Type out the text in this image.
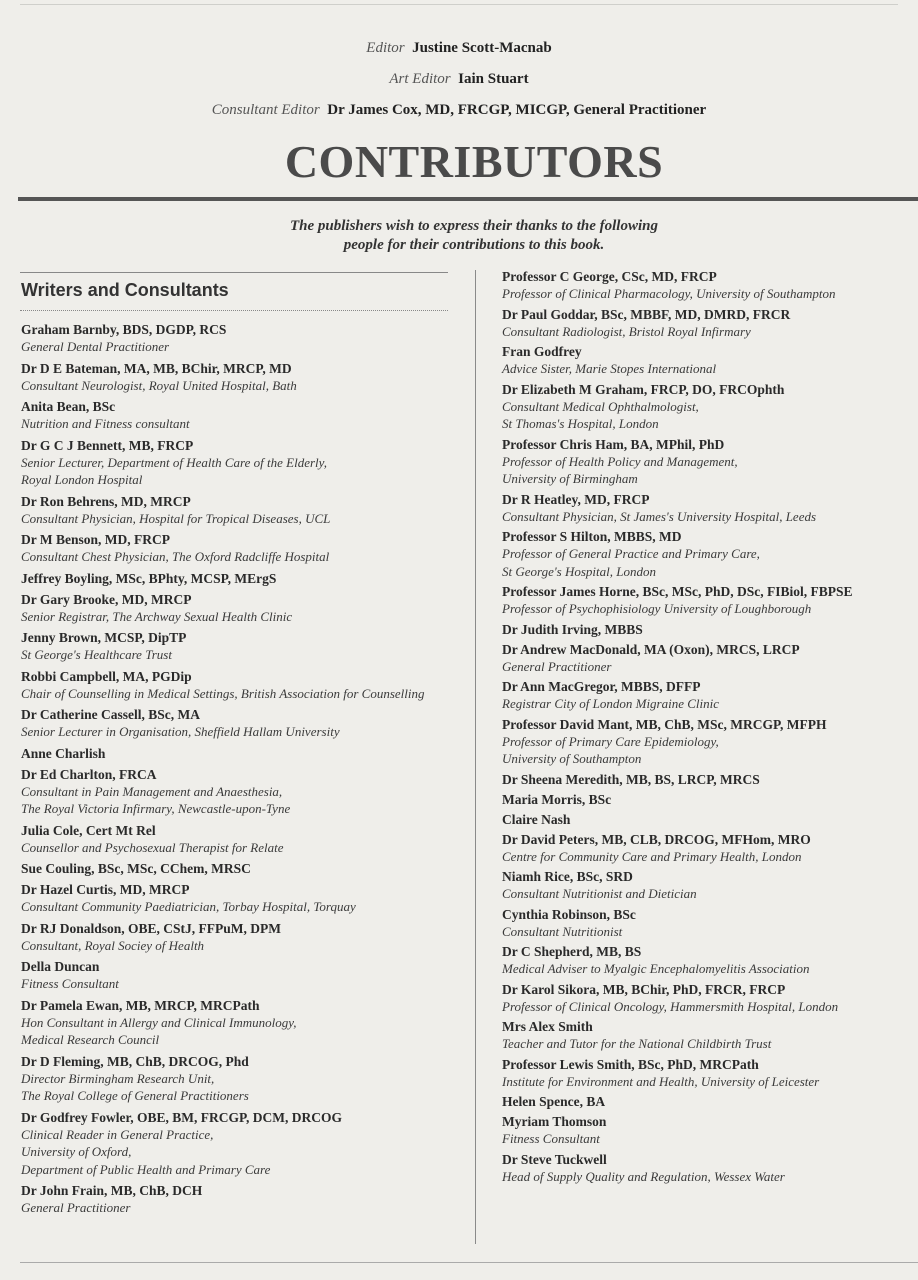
Editor Justine Scott-Macnab
Art Editor Iain Stuart
Consultant Editor Dr James Cox, MD, FRCGP, MICGP, General Practitioner
CONTRIBUTORS
The publishers wish to express their thanks to the following
people for their contributions to this book.
Writers and Consultants
Graham Barnby, BDS, DGDP, RCS
General Dental Practitioner
Dr D E Bateman, MA, MB, BChir, MRCP, MD
Consultant Neurologist, Royal United Hospital, Bath
Anita Bean, BSc
Nutrition and Fitness consultant
Dr G C J Bennett, MB, FRCP
Senior Lecturer, Department of Health Care of the Elderly,
Royal London Hospital
Dr Ron Behrens, MD, MRCP
Consultant Physician, Hospital for Tropical Diseases, UCL
Dr M Benson, MD, FRCP
Consultant Chest Physician, The Oxford Radcliffe Hospital
Jeffrey Boyling, MSc, BPhty, MCSP, MErgS
Dr Gary Brooke, MD, MRCP
Senior Registrar, The Archway Sexual Health Clinic
Jenny Brown, MCSP, DipTP
St George's Healthcare Trust
Robbi Campbell, MA, PGDip
Chair of Counselling in Medical Settings, British Association for Counselling
Dr Catherine Cassell, BSc, MA
Senior Lecturer in Organisation, Sheffield Hallam University
Anne Charlish
Dr Ed Charlton, FRCA
Consultant in Pain Management and Anaesthesia,
The Royal Victoria Infirmary, Newcastle-upon-Tyne
Julia Cole, Cert Mt Rel
Counsellor and Psychosexual Therapist for Relate
Sue Couling, BSc, MSc, CChem, MRSC
Dr Hazel Curtis, MD, MRCP
Consultant Community Paediatrician, Torbay Hospital, Torquay
Dr RJ Donaldson, OBE, CStJ, FFPuM, DPM
Consultant, Royal Sociey of Health
Della Duncan
Fitness Consultant
Dr Pamela Ewan, MB, MRCP, MRCPath
Hon Consultant in Allergy and Clinical Immunology,
Medical Research Council
Dr D Fleming, MB, ChB, DRCOG, Phd
Director Birmingham Research Unit,
The Royal College of General Practitioners
Dr Godfrey Fowler, OBE, BM, FRCGP, DCM, DRCOG
Clinical Reader in General Practice,
University of Oxford,
Department of Public Health and Primary Care
Dr John Frain, MB, ChB, DCH
General Practitioner
Professor C George, CSc, MD, FRCP
Professor of Clinical Pharmacology, University of Southampton
Dr Paul Goddar, BSc, MBBF, MD, DMRD, FRCR
Consultant Radiologist, Bristol Royal Infirmary
Fran Godfrey
Advice Sister, Marie Stopes International
Dr Elizabeth M Graham, FRCP, DO, FRCOphth
Consultant Medical Ophthalmologist,
St Thomas's Hospital, London
Professor Chris Ham, BA, MPhil, PhD
Professor of Health Policy and Management,
University of Birmingham
Dr R Heatley, MD, FRCP
Consultant Physician, St James's University Hospital, Leeds
Professor S Hilton, MBBS, MD
Professor of General Practice and Primary Care,
St George's Hospital, London
Professor James Horne, BSc, MSc, PhD, DSc, FIBiol, FBPSE
Professor of Psychophisiology University of Loughborough
Dr Judith Irving, MBBS
Dr Andrew MacDonald, MA (Oxon), MRCS, LRCP
General Practitioner
Dr Ann MacGregor, MBBS, DFFP
Registrar City of London Migraine Clinic
Professor David Mant, MB, ChB, MSc, MRCGP, MFPH
Professor of Primary Care Epidemiology,
University of Southampton
Dr Sheena Meredith, MB, BS, LRCP, MRCS
Maria Morris, BSc
Claire Nash
Dr David Peters, MB, CLB, DRCOG, MFHom, MRO
Centre for Community Care and Primary Health, London
Niamh Rice, BSc, SRD
Consultant Nutritionist and Dietician
Cynthia Robinson, BSc
Consultant Nutritionist
Dr C Shepherd, MB, BS
Medical Adviser to Myalgic Encephalomyelitis Association
Dr Karol Sikora, MB, BChir, PhD, FRCR, FRCP
Professor of Clinical Oncology, Hammersmith Hospital, London
Mrs Alex Smith
Teacher and Tutor for the National Childbirth Trust
Professor Lewis Smith, BSc, PhD, MRCPath
Institute for Environment and Health, University of Leicester
Helen Spence, BA
Myriam Thomson
Fitness Consultant
Dr Steve Tuckwell
Head of Supply Quality and Regulation, Wessex Water
